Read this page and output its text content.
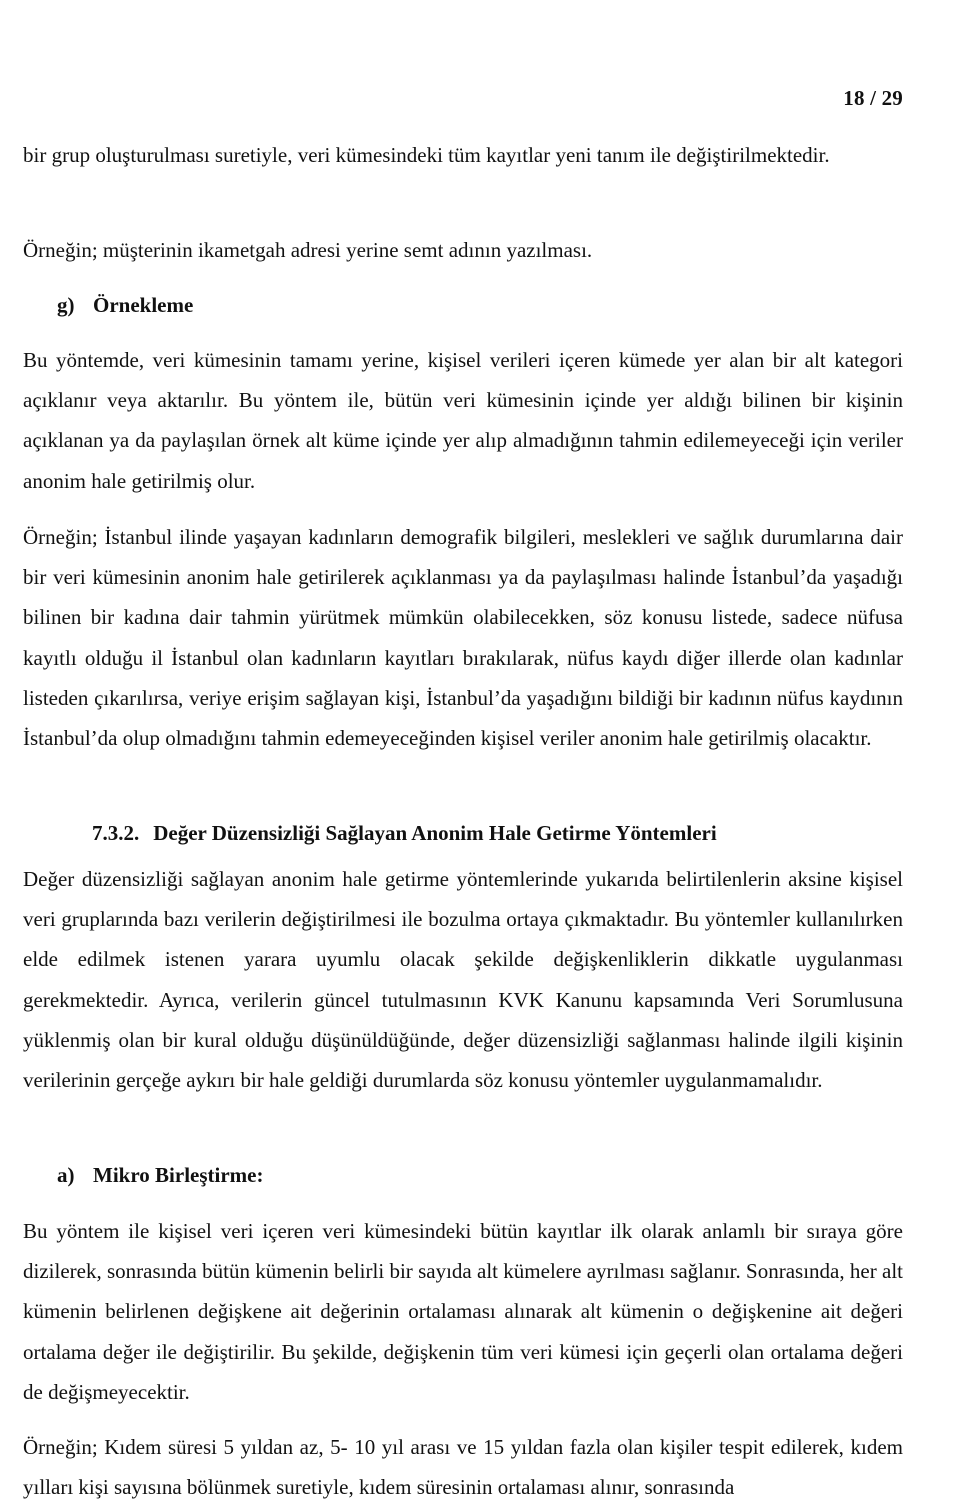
18 / 29

bir grup oluşturulması suretiyle, veri kümesindeki tüm kayıtlar yeni tanım ile değiştirilmektedir.

Örneğin; müşterinin ikametgah adresi yerine semt adının yazılması.

g) Örnekleme

Bu yöntemde, veri kümesinin tamamı yerine, kişisel verileri içeren kümede yer alan bir alt kategori açıklanır veya aktarılır. Bu yöntem ile, bütün veri kümesinin içinde yer aldığı bilinen bir kişinin açıklanan ya da paylaşılan örnek alt küme içinde yer alıp almadığının tahmin edilemeyeceği için veriler anonim hale getirilmiş olur.

Örneğin; İstanbul ilinde yaşayan kadınların demografik bilgileri, meslekleri ve sağlık durumlarına dair bir veri kümesinin anonim hale getirilerek açıklanması ya da paylaşılması halinde İstanbul’da yaşadığı bilinen bir kadına dair tahmin yürütmek mümkün olabilecekken, söz konusu listede, sadece nüfusa kayıtlı olduğu il İstanbul olan kadınların kayıtları bırakılarak, nüfus kaydı diğer illerde olan kadınlar listeden çıkarılırsa, veriye erişim sağlayan kişi, İstanbul’da yaşadığını bildiği bir kadının nüfus kaydının İstanbul’da olup olmadığını tahmin edemeyeceğinden kişisel veriler anonim hale getirilmiş olacaktır.

7.3.2. Değer Düzensizliği Sağlayan Anonim Hale Getirme Yöntemleri

Değer düzensizliği sağlayan anonim hale getirme yöntemlerinde yukarıda belirtilenlerin aksine kişisel veri gruplarında bazı verilerin değiştirilmesi ile bozulma ortaya çıkmaktadır. Bu yöntemler kullanılırken elde edilmek istenen yarara uyumlu olacak şekilde değişkenliklerin dikkatle uygulanması gerekmektedir. Ayrıca, verilerin güncel tutulmasının KVK Kanunu kapsamında Veri Sorumlusuna yüklenmiş olan bir kural olduğu düşünüldüğünde, değer düzensizliği sağlanması halinde ilgili kişinin verilerinin gerçeğe aykırı bir hale geldiği durumlarda söz konusu yöntemler uygulanmamalıdır.

a) Mikro Birleştirme:

Bu yöntem ile kişisel veri içeren veri kümesindeki bütün kayıtlar ilk olarak anlamlı bir sıraya göre dizilerek, sonrasında bütün kümenin belirli bir sayıda alt kümelere ayrılması sağlanır. Sonrasında, her alt kümenin belirlenen değişkene ait değerinin ortalaması alınarak alt kümenin o değişkenine ait değeri ortalama değer ile değiştirilir. Bu şekilde, değişkenin tüm veri kümesi için geçerli olan ortalama değeri de değişmeyecektir.

Örneğin; Kıdem süresi 5 yıldan az, 5- 10 yıl arası ve 15 yıldan fazla olan kişiler tespit edilerek, kıdem yılları kişi sayısına bölünmek suretiyle, kıdem süresinin ortalaması alınır, sonrasında
